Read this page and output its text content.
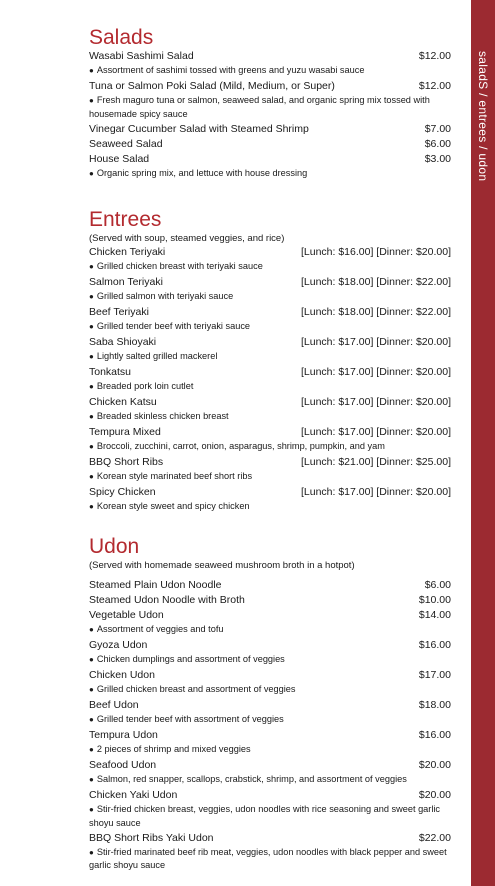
saladS / entrees / udon
Salads
Wasabi Sashimi Salad	$12.00
● Assortment of sashimi tossed with greens and yuzu wasabi sauce
Tuna or Salmon Poki Salad (Mild, Medium, or Super)	$12.00
● Fresh maguro tuna or salmon, seaweed salad, and organic spring mix tossed with housemade spicy sauce
Vinegar Cucumber Salad with Steamed Shrimp	$7.00
Seaweed Salad	$6.00
House Salad	$3.00
● Organic spring mix, and lettuce with house dressing
Entrees
(Served with soup, steamed veggies, and rice)
Chicken Teriyaki	[Lunch: $16.00] [Dinner: $20.00]
● Grilled chicken breast with teriyaki sauce
Salmon Teriyaki	[Lunch: $18.00] [Dinner: $22.00]
● Grilled salmon with teriyaki sauce
Beef Teriyaki	[Lunch: $18.00] [Dinner: $22.00]
● Grilled tender beef with teriyaki sauce
Saba Shioyaki	[Lunch: $17.00] [Dinner: $20.00]
● Lightly salted grilled mackerel
Tonkatsu	[Lunch: $17.00] [Dinner: $20.00]
● Breaded pork loin cutlet
Chicken Katsu	[Lunch: $17.00] [Dinner: $20.00]
● Breaded skinless chicken breast
Tempura Mixed	[Lunch: $17.00] [Dinner: $20.00]
● Broccoli, zucchini, carrot, onion, asparagus, shrimp, pumpkin, and yam
BBQ Short Ribs	[Lunch: $21.00] [Dinner: $25.00]
● Korean style marinated beef short ribs
Spicy Chicken	[Lunch: $17.00] [Dinner: $20.00]
● Korean style sweet and spicy chicken
Udon
(Served with homemade seaweed mushroom broth in a hotpot)
Steamed Plain Udon Noodle	$6.00
Steamed Udon Noodle with Broth	$10.00
Vegetable Udon	$14.00
● Assortment of veggies and tofu
Gyoza Udon	$16.00
● Chicken dumplings and assortment of veggies
Chicken Udon	$17.00
● Grilled chicken breast and assortment of veggies
Beef Udon	$18.00
● Grilled tender beef with assortment of veggies
Tempura Udon	$16.00
● 2 pieces of shrimp and mixed veggies
Seafood Udon	$20.00
● Salmon, red snapper, scallops, crabstick, shrimp, and assortment of veggies
Chicken Yaki Udon	$20.00
● Stir-fried chicken breast, veggies, udon noodles with rice seasoning and sweet garlic shoyu sauce
BBQ Short Ribs Yaki Udon	$22.00
● Stir-fried marinated beef rib meat, veggies, udon noodles with black pepper and sweet garlic shoyu sauce
